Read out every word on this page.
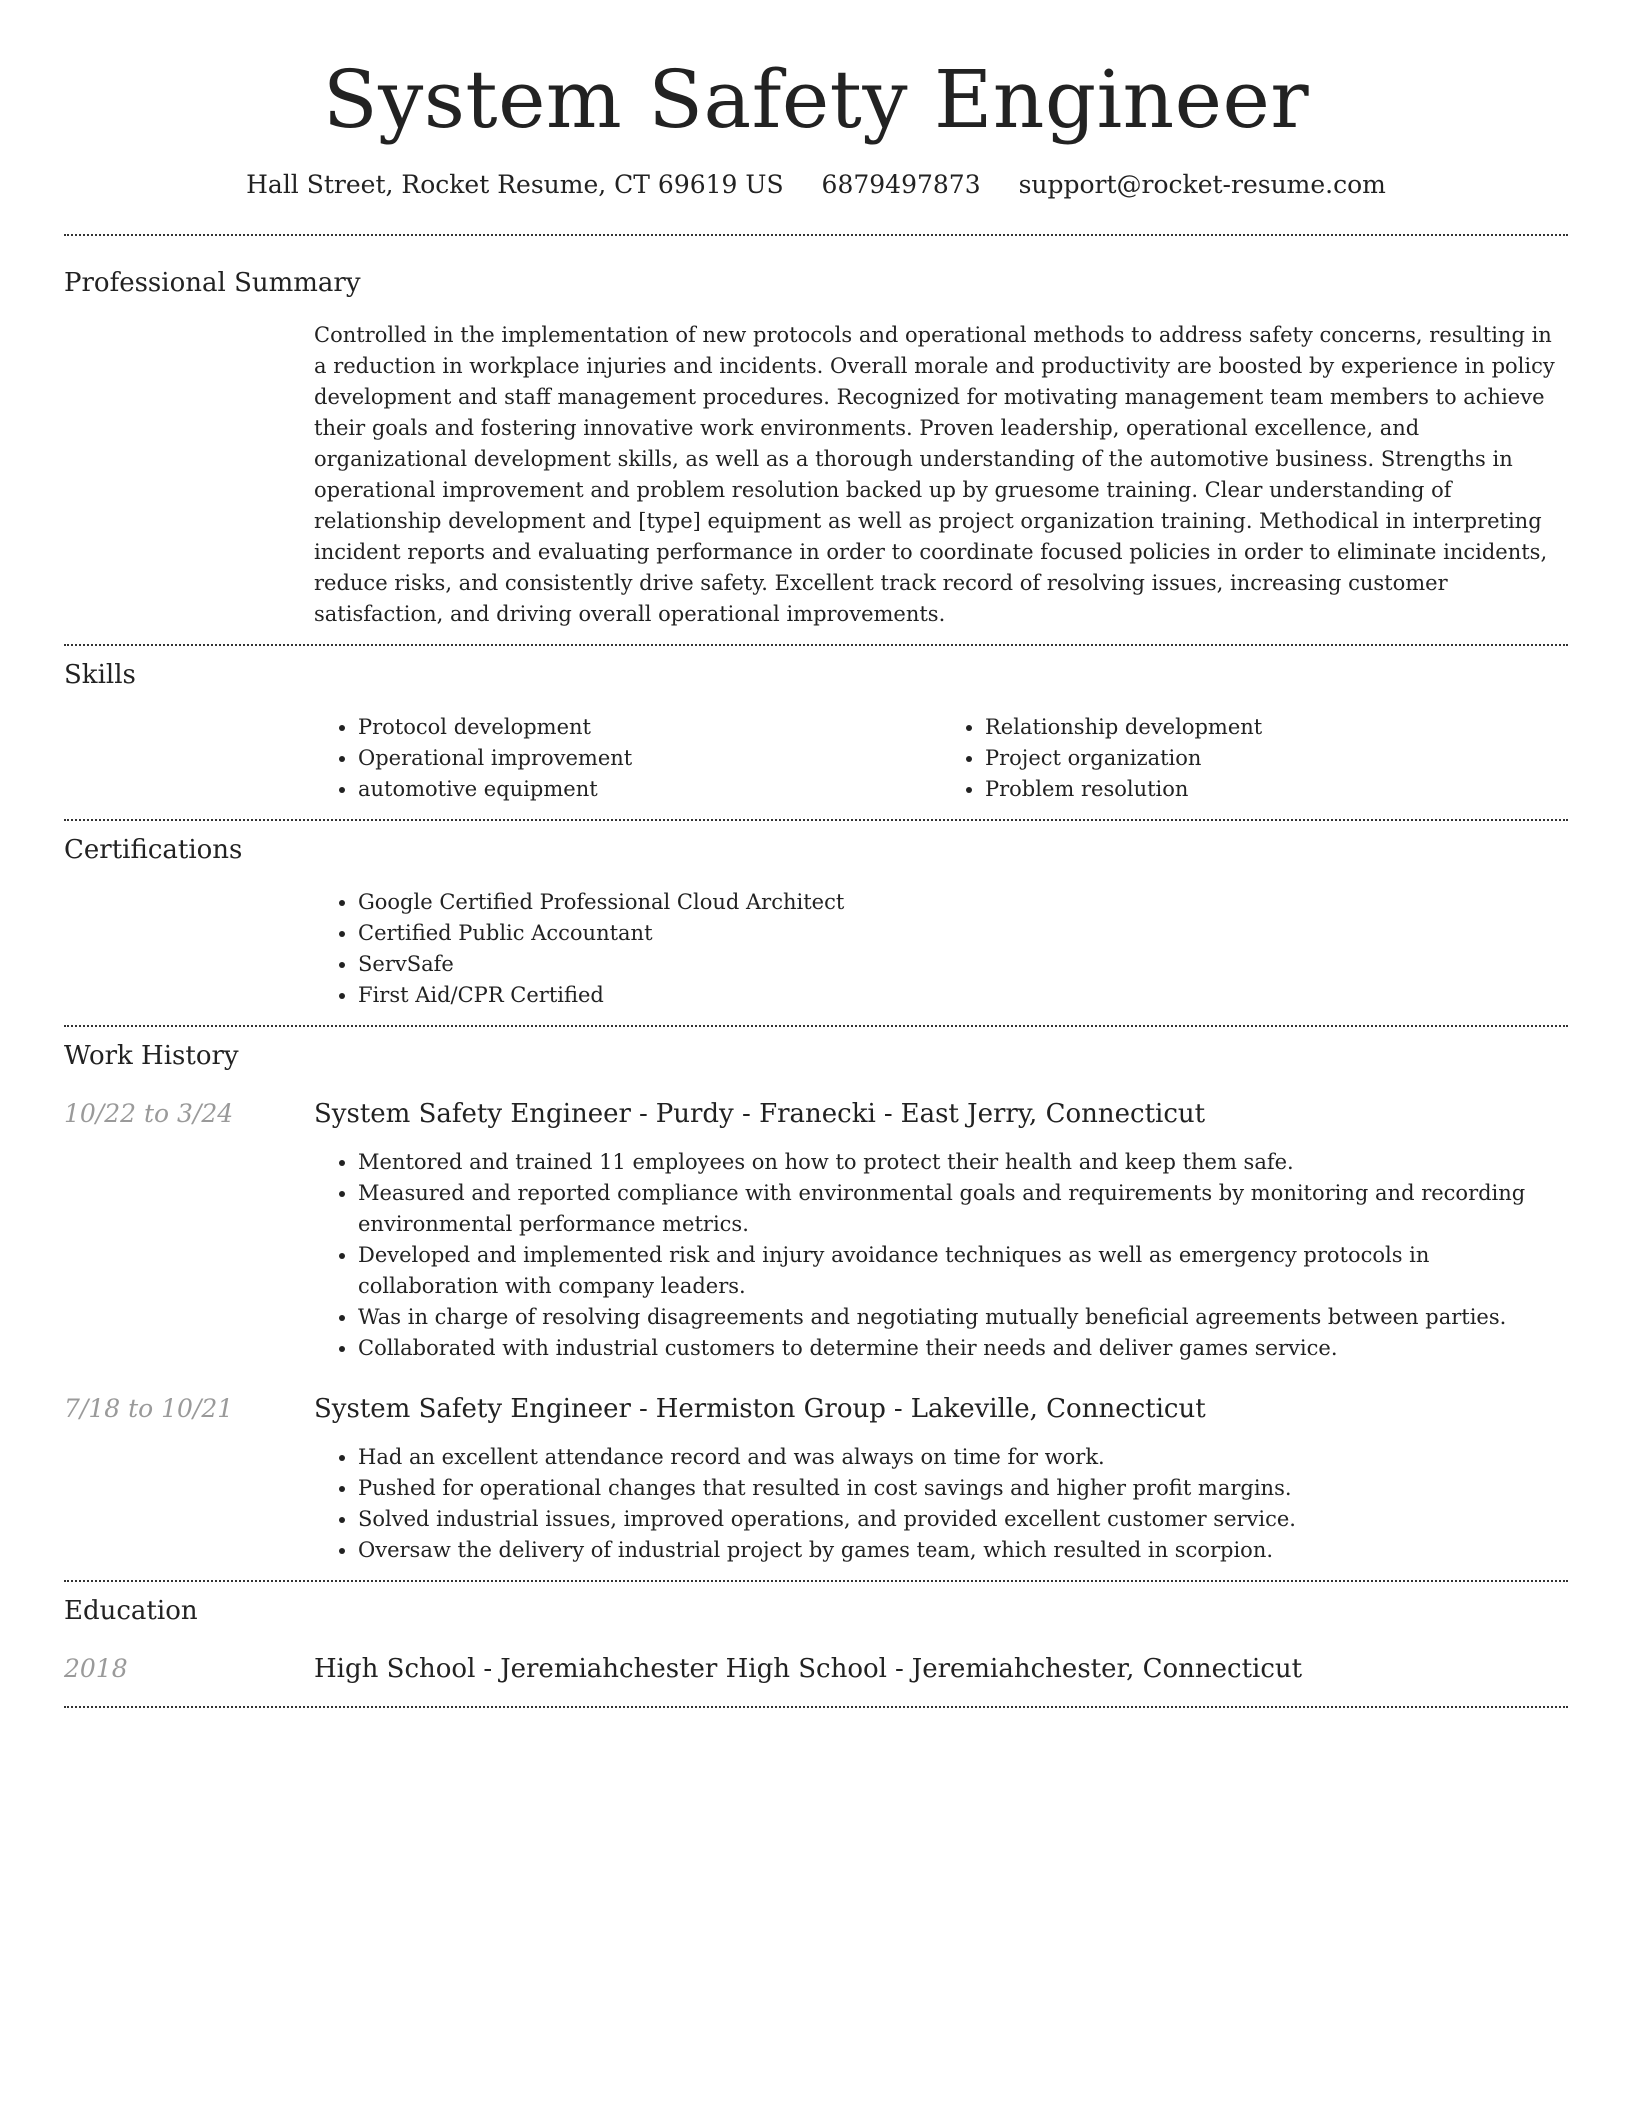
System Safety Engineer
Hall Street, Rocket Resume, CT 69619 US 6879497873 support@rocket-resume.com
Professional Summary

Controlled in the implementation of new protocols and operational methods to address safety concerns, resulting in a reduction in workplace injuries and incidents. Overall morale and productivity are boosted by experience in policy development and staff management procedures. Recognized for motivating management team members to achieve their goals and fostering innovative work environments. Proven leadership, operational excellence, and organizational development skills, as well as a thorough understanding of the automotive business. Strengths in operational improvement and problem resolution backed up by gruesome training. Clear understanding of relationship development and [type] equipment as well as project organization training. Methodical in interpreting incident reports and evaluating performance in order to coordinate focused policies in order to eliminate incidents, reduce risks, and consistently drive safety. Excellent track record of resolving issues, increasing customer satisfaction, and driving overall operational improvements.

Skills
• Protocol development
• Operational improvement
• automotive equipment
• Relationship development
• Project organization
• Problem resolution
Certifications
• Google Certified Professional Cloud Architect
• Certified Public Accountant
• ServSafe
• First Aid/CPR Certified
Work History
10/22 to 3/24	System Safety Engineer - Purdy - Franecki - East Jerry, Connecticut
• Mentored and trained 11 employees on how to protect their health and keep them safe.
• Measured and reported compliance with environmental goals and requirements by monitoring and recording environmental performance metrics.
• Developed and implemented risk and injury avoidance techniques as well as emergency protocols in collaboration with company leaders.
• Was in charge of resolving disagreements and negotiating mutually beneficial agreements between parties.
• Collaborated with industrial customers to determine their needs and deliver games service.
7/18 to 10/21	System Safety Engineer - Hermiston Group - Lakeville, Connecticut
• Had an excellent attendance record and was always on time for work.
• Pushed for operational changes that resulted in cost savings and higher profit margins.
• Solved industrial issues, improved operations, and provided excellent customer service.
• Oversaw the delivery of industrial project by games team, which resulted in scorpion.
Education
2018	High School - Jeremiahchester High School - Jeremiahchester, Connecticut
